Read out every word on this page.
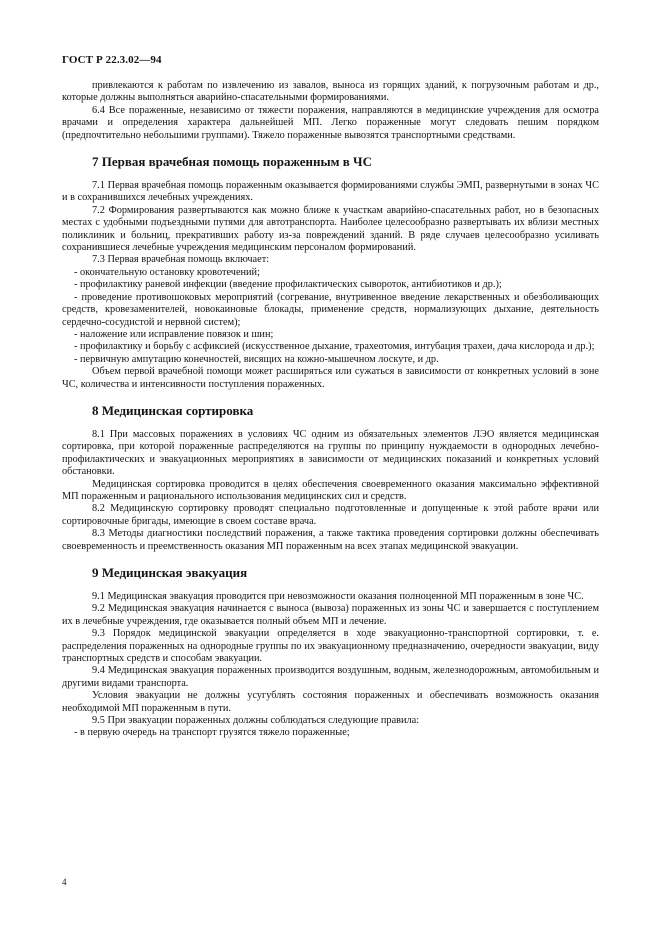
ГОСТ Р 22.3.02—94

привлекаются к работам по извлечению из завалов, выноса из горящих зданий, к погрузочным работам и др., которые должны выполняться аварийно-спасательными формированиями.

6.4 Все пораженные, независимо от тяжести поражения, направляются в медицинские учреждения для осмотра врачами и определения характера дальнейшей МП. Легко пораженные могут следовать пешим порядком (предпочтительно небольшими группами). Тяжело пораженные вывозятся транспортными средствами.

7 Первая врачебная помощь пораженным в ЧС

7.1 Первая врачебная помощь пораженным оказывается формированиями службы ЭМП, развернутыми в зонах ЧС и в сохранившихся лечебных учреждениях.

7.2 Формирования развертываются как можно ближе к участкам аварийно-спасательных работ, но в безопасных местах с удобными подъездными путями для автотранспорта. Наиболее целесообразно развертывать их вблизи местных поликлиник и больниц, прекративших работу из-за повреждений зданий. В ряде случаев целесообразно усиливать сохранившиеся лечебные учреждения медицинским персоналом формирований.

7.3 Первая врачебная помощь включает:

- окончательную остановку кровотечений;

- профилактику раневой инфекции (введение профилактических сывороток, антибиотиков и др.);

- проведение противошоковых мероприятий (согревание, внутривенное введение лекарственных и обезболивающих средств, кровезаменителей, новокаиновые блокады, применение средств, нормализующих дыхание, деятельность сердечно-сосудистой и нервной систем);

- наложение или исправление повязок и шин;

- профилактику и борьбу с асфиксией (искусственное дыхание, трахеотомия, интубация трахеи, дача кислорода и др.);

- первичную ампутацию конечностей, висящих на кожно-мышечном лоскуте, и др.

Объем первой врачебной помощи может расширяться или сужаться в зависимости от конкретных условий в зоне ЧС, количества и интенсивности поступления пораженных.

8 Медицинская сортировка

8.1 При массовых поражениях в условиях ЧС одним из обязательных элементов ЛЭО является медицинская сортировка, при которой пораженные распределяются на группы по принципу нуждаемости в однородных лечебно-профилактических и эвакуационных мероприятиях в зависимости от медицинских показаний и конкретных условий обстановки.

Медицинская сортировка проводится в целях обеспечения своевременного оказания максимально эффективной МП пораженным и рационального использования медицинских сил и средств.

8.2 Медицинскую сортировку проводят специально подготовленные и допущенные к этой работе врачи или сортировочные бригады, имеющие в своем составе врача.

8.3 Методы диагностики последствий поражения, а также тактика проведения сортировки должны обеспечивать своевременность и преемственность оказания МП пораженным на всех этапах медицинской эвакуации.

9 Медицинская эвакуация

9.1 Медицинская эвакуация проводится при невозможности оказания полноценной МП пораженным в зоне ЧС.

9.2 Медицинская эвакуация начинается с выноса (вывоза) пораженных из зоны ЧС и завершается с поступлением их в лечебные учреждения, где оказывается полный объем МП и лечение.

9.3 Порядок медицинской эвакуации определяется в ходе эвакуационно-транспортной сортировки, т. е. распределения пораженных на однородные группы по их эвакуационному предназначению, очередности эвакуации, виду транспортных средств и способам эвакуации.

9.4 Медицинская эвакуация пораженных производится воздушным, водным, железнодорожным, автомобильным и другими видами транспорта.

Условия эвакуации не должны усугублять состояния пораженных и обеспечивать возможность оказания необходимой МП пораженным в пути.

9.5 При эвакуации пораженных должны соблюдаться следующие правила:

- в первую очередь на транспорт грузятся тяжело пораженные;

4
